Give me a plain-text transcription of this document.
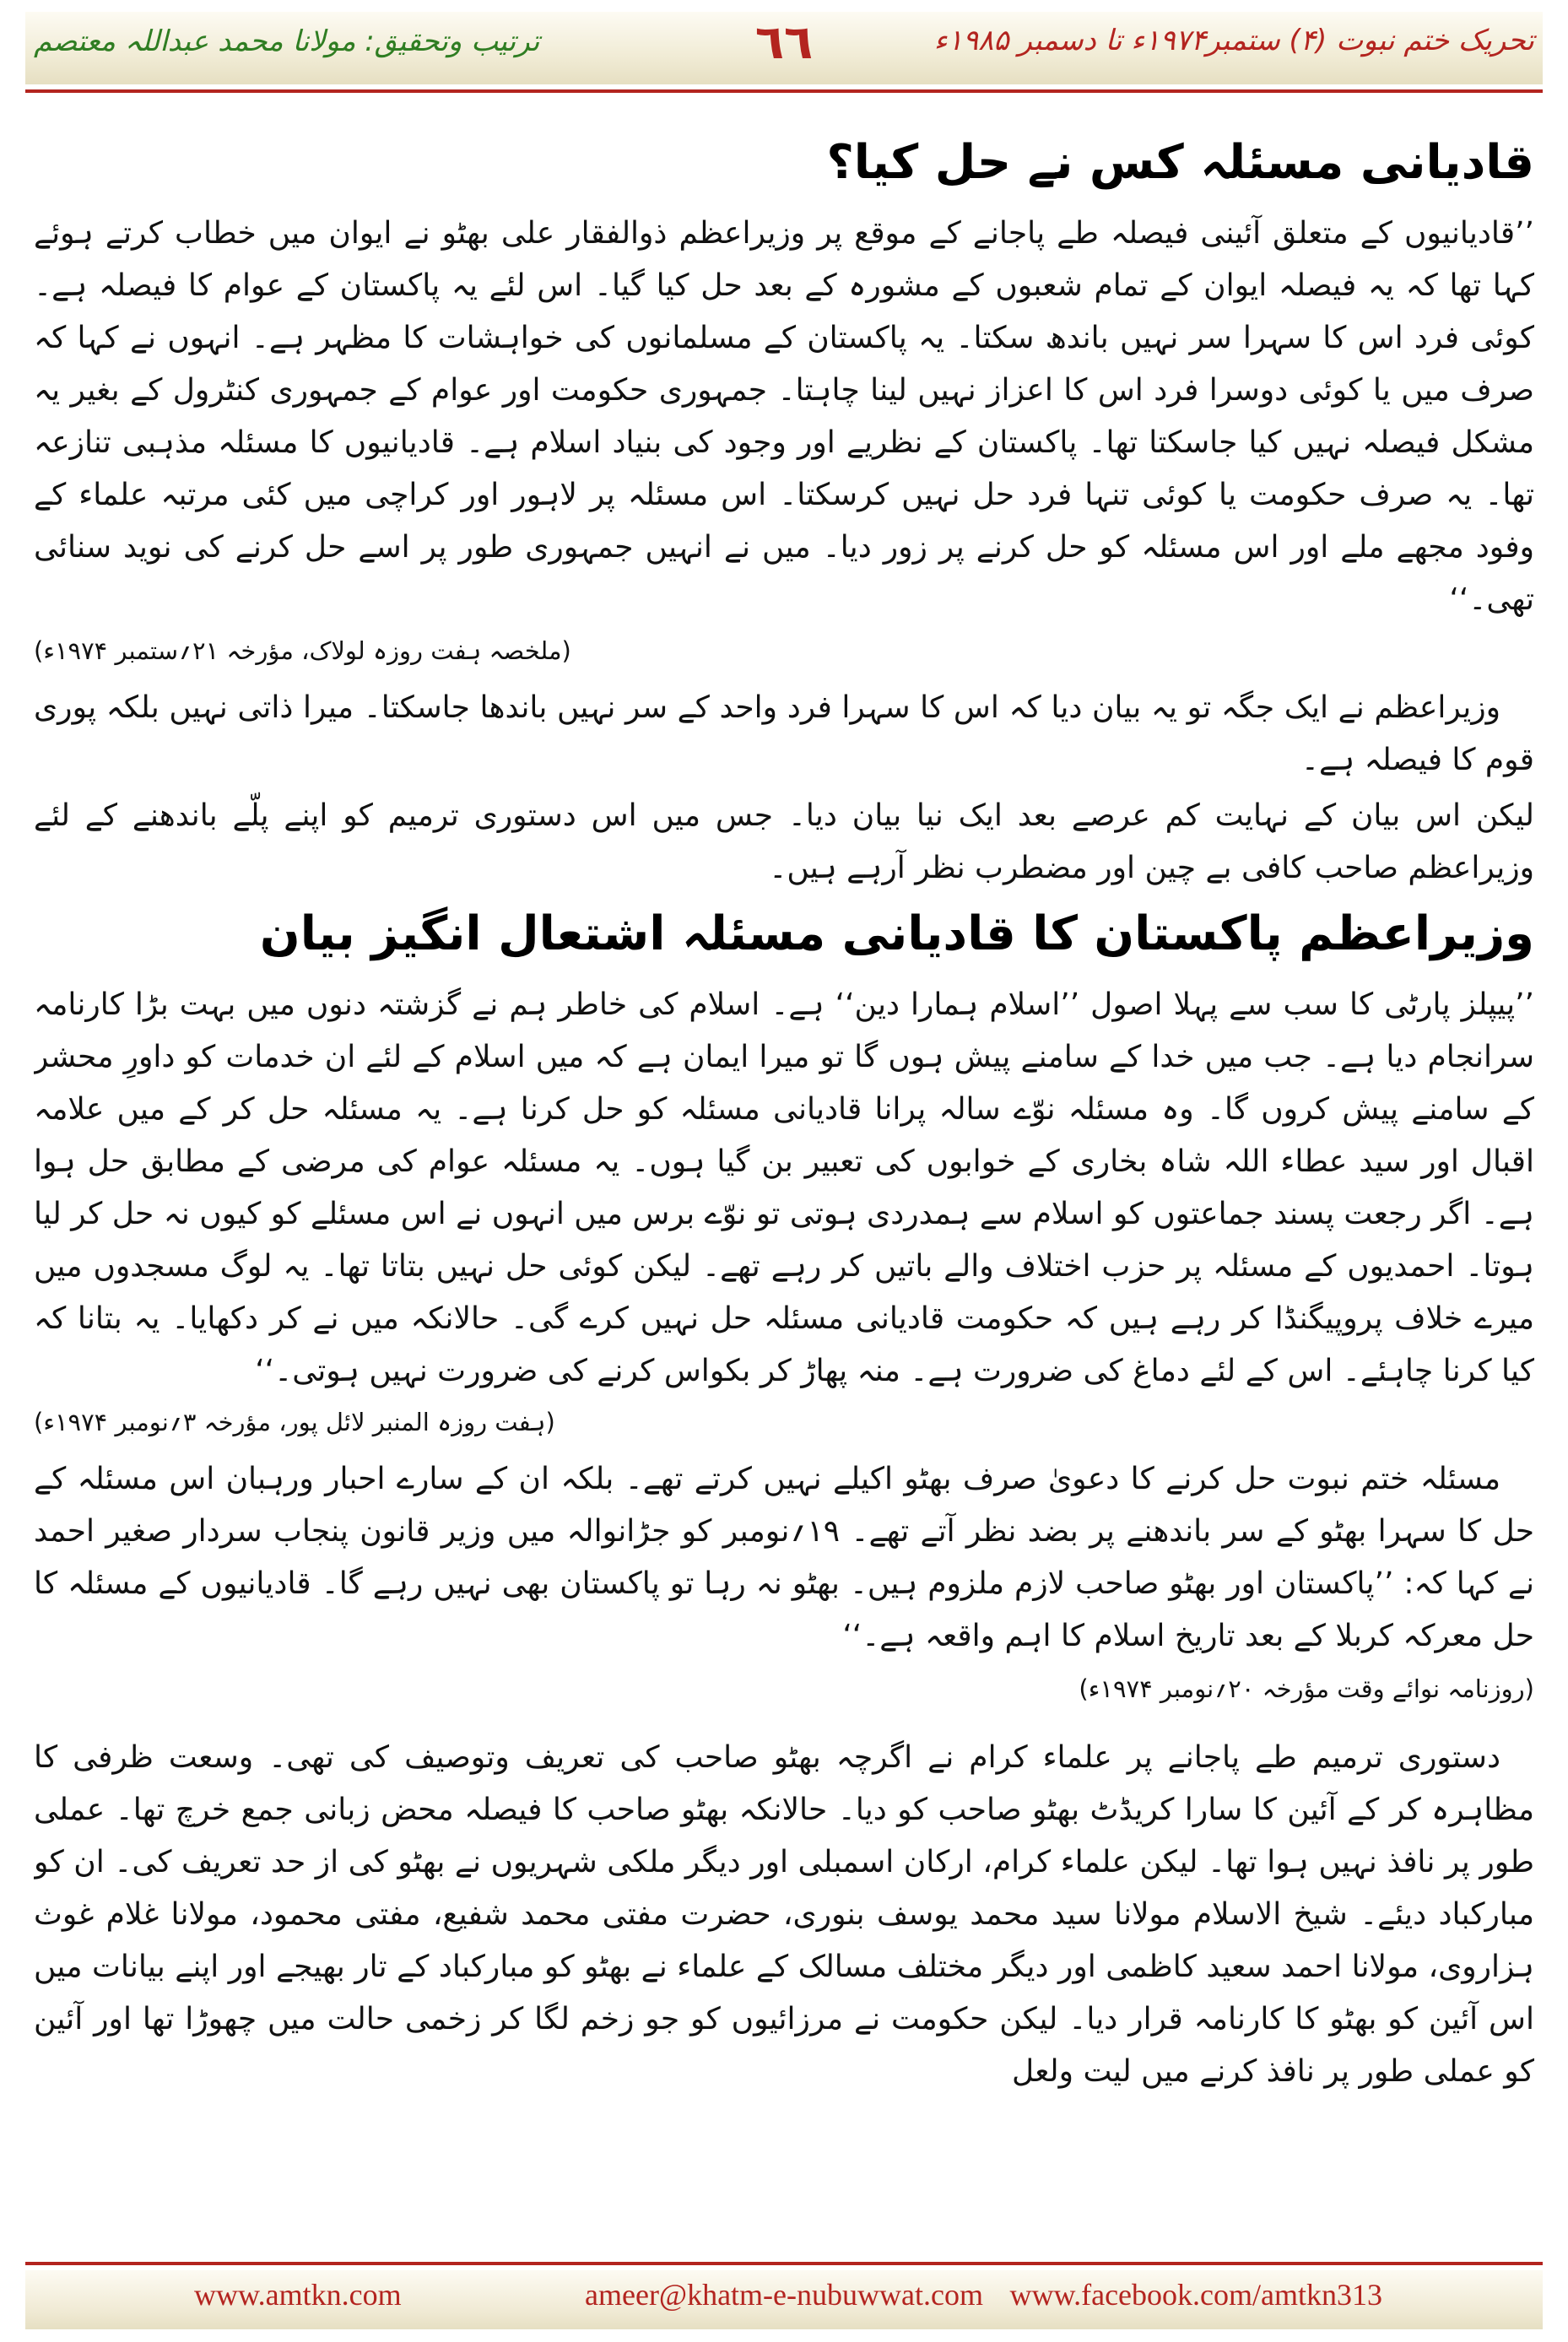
ترتیب وتحقیق: مولانا محمد عبداللہ معتصم	٦٦	تحریک ختم نبوت (۴) ستمبر۱۹۷۴ء تا دسمبر ۱۹۸۵ء
قادیانی مسئلہ کس نے حل کیا؟

’’قادیانیوں کے متعلق آئینی فیصلہ طے پاجانے کے موقع پر وزیراعظم ذوالفقار علی بھٹو نے ایوان میں خطاب کرتے ہوئے کہا تھا کہ یہ فیصلہ ایوان کے تمام شعبوں کے مشورہ کے بعد حل کیا گیا۔ اس لئے یہ پاکستان کے عوام کا فیصلہ ہے۔ کوئی فرد اس کا سہرا سر نہیں باندھ سکتا۔ یہ پاکستان کے مسلمانوں کی خواہشات کا مظہر ہے۔ انہوں نے کہا کہ صرف میں یا کوئی دوسرا فرد اس کا اعزاز نہیں لینا چاہتا۔ جمہوری حکومت اور عوام کے جمہوری کنٹرول کے بغیر یہ مشکل فیصلہ نہیں کیا جاسکتا تھا۔ پاکستان کے نظریے اور وجود کی بنیاد اسلام ہے۔ قادیانیوں کا مسئلہ مذہبی تنازعہ تھا۔ یہ صرف حکومت یا کوئی تنہا فرد حل نہیں کرسکتا۔ اس مسئلہ پر لاہور اور کراچی میں کئی مرتبہ علماء کے وفود مجھے ملے اور اس مسئلہ کو حل کرنے پر زور دیا۔ میں نے انہیں جمہوری طور پر اسے حل کرنے کی نوید سنائی تھی۔‘‘

(ملخصہ ہفت روزہ لولاک، مؤرخہ ۲۱؍ستمبر ۱۹۷۴ء)

وزیراعظم نے ایک جگہ تو یہ بیان دیا کہ اس کا سہرا فرد واحد کے سر نہیں باندھا جاسکتا۔ میرا ذاتی نہیں بلکہ پوری قوم کا فیصلہ ہے۔

لیکن اس بیان کے نہایت کم عرصے بعد ایک نیا بیان دیا۔ جس میں اس دستوری ترمیم کو اپنے پلّے باندھنے کے لئے وزیراعظم صاحب کافی بے چین اور مضطرب نظر آرہے ہیں۔

وزیراعظم پاکستان کا قادیانی مسئلہ اشتعال انگیز بیان

’’پیپلز پارٹی کا سب سے پہلا اصول ’’اسلام ہمارا دین‘‘ ہے۔ اسلام کی خاطر ہم نے گزشتہ دنوں میں بہت بڑا کارنامہ سرانجام دیا ہے۔ جب میں خدا کے سامنے پیش ہوں گا تو میرا ایمان ہے کہ میں اسلام کے لئے ان خدمات کو داورِ محشر کے سامنے پیش کروں گا۔ وہ مسئلہ نوّے سالہ پرانا قادیانی مسئلہ کو حل کرنا ہے۔ یہ مسئلہ حل کر کے میں علامہ اقبال اور سید عطاء اللہ شاہ بخاری کے خوابوں کی تعبیر بن گیا ہوں۔ یہ مسئلہ عوام کی مرضی کے مطابق حل ہوا ہے۔ اگر رجعت پسند جماعتوں کو اسلام سے ہمدردی ہوتی تو نوّے برس میں انہوں نے اس مسئلے کو کیوں نہ حل کر لیا ہوتا۔ احمدیوں کے مسئلہ پر حزب اختلاف والے باتیں کر رہے تھے۔ لیکن کوئی حل نہیں بتاتا تھا۔ یہ لوگ مسجدوں میں میرے خلاف پروپیگنڈا کر رہے ہیں کہ حکومت قادیانی مسئلہ حل نہیں کرے گی۔ حالانکہ میں نے کر دکھایا۔ یہ بتانا کہ کیا کرنا چاہئے۔ اس کے لئے دماغ کی ضرورت ہے۔ منہ پھاڑ کر بکواس کرنے کی ضرورت نہیں ہوتی۔‘‘

(ہفت روزہ المنبر لائل پور، مؤرخہ ۳؍نومبر ۱۹۷۴ء)

مسئلہ ختم نبوت حل کرنے کا دعویٰ صرف بھٹو اکیلے نہیں کرتے تھے۔ بلکہ ان کے سارے احبار ورہبان اس مسئلہ کے حل کا سہرا بھٹو کے سر باندھنے پر بضد نظر آتے تھے۔ ۱۹؍نومبر کو جڑانوالہ میں وزیر قانون پنجاب سردار صغیر احمد نے کہا کہ: ’’پاکستان اور بھٹو صاحب لازم ملزوم ہیں۔ بھٹو نہ رہا تو پاکستان بھی نہیں رہے گا۔ قادیانیوں کے مسئلہ کا حل معرکہ کربلا کے بعد تاریخ اسلام کا اہم واقعہ ہے۔‘‘

(روزنامہ نوائے وقت مؤرخہ ۲۰؍نومبر ۱۹۷۴ء)

دستوری ترمیم طے پاجانے پر علماء کرام نے اگرچہ بھٹو صاحب کی تعریف وتوصیف کی تھی۔ وسعت ظرفی کا مظاہرہ کر کے آئین کا سارا کریڈٹ بھٹو صاحب کو دیا۔ حالانکہ بھٹو صاحب کا فیصلہ محض زبانی جمع خرچ تھا۔ عملی طور پر نافذ نہیں ہوا تھا۔ لیکن علماء کرام، ارکان اسمبلی اور دیگر ملکی شہریوں نے بھٹو کی از حد تعریف کی۔ ان کو مبارکباد دیئے۔ شیخ الاسلام مولانا سید محمد یوسف بنوری، حضرت مفتی محمد شفیع، مفتی محمود، مولانا غلام غوث ہزاروی، مولانا احمد سعید کاظمی اور دیگر مختلف مسالک کے علماء نے بھٹو کو مبارکباد کے تار بھیجے اور اپنے بیانات میں اس آئین کو بھٹو کا کارنامہ قرار دیا۔ لیکن حکومت نے مرزائیوں کو جو زخم لگا کر زخمی حالت میں چھوڑا تھا اور آئین کو عملی طور پر نافذ کرنے میں لیت ولعل

www.amtkn.com	ameer@khatm-e-nubuwwat.com www.facebook.com/amtkn313
